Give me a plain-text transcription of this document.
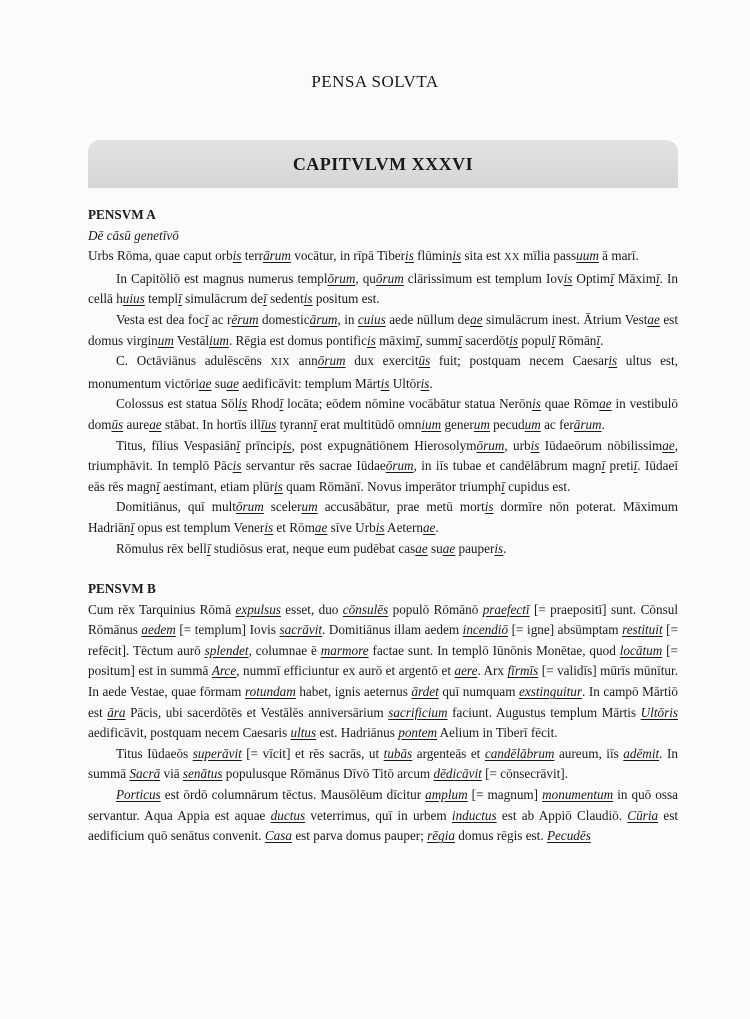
PENSA SOLVTA
CAPITVLVM XXXVI

PENSVM A

Dē cāsū genetīvō

Urbs Rōma, quae caput orbis terrārum vocātur, in rīpā Tiberis flūminis sita est XX mīlia passuum ā marī.

In Capitōliō est magnus numerus templōrum, quōrum clārissimum est templum Iovis Optimī Māximī. In cellā huius templī simulācrum deī sedentis positum est.

Vesta est dea focī ac rērum domesticārum, in cuius aede nūllum deae simulācrum inest. Ātrium Vestae est domus virginum Vestālium. Rēgia est domus pontificis māximī, summī sacerdōtis populī Rōmānī.

C. Octāviānus adulēscēns XIX annōrum dux exercitūs fuit; postquam necem Caesaris ultus est, monumentum victōriae suae aedificāvit: templum Mārtis Ultōris.

Colossus est statua Sōlis Rhodī locāta; eōdem nōmine vocābātur statua Nerōnis quae Rōmae in vestibulō domūs aureae stābat. In hortīs illīus tyrannī erat multitūdō omnium generum pecudum ac ferārum.

Titus, fīlius Vespasiānī prīncipis, post expugnātiōnem Hierosolymōrum, urbis Iūdaeōrum nōbilissimae, triumphāvit. In templō Pācis servantur rēs sacrae Iūdaeōrum, in iīs tubae et candēlābrum magnī pretiī. Iūdaeī eās rēs magnī aestimant, etiam plūris quam Rōmānī. Novus imperātor triumphī cupidus est.

Domitiānus, quī multōrum scelerum accusābātur, prae metū mortis dormīre nōn poterat. Māximum Hadriānī opus est templum Veneris et Rōmae sīve Urbis Aeternae.

Rōmulus rēx bellī studiōsus erat, neque eum pudēbat casae suae pauperis.

PENSVM B

Cum rēx Tarquinius Rōmā expulsus esset, duo cōnsulēs populō Rōmānō praefectī [= praepositī] sunt. Cōnsul Rōmānus aedem [= templum] Iovis sacrāvit. Domitiānus illam aedem incendiō [= igne] absūmptam restituit [= refēcit]. Tēctum aurō splendet, columnae ē marmore factae sunt. In templō Iūnōnis Monētae, quod locātum [= positum] est in summā Arce, nummī efficiuntur ex aurō et argentō et aere. Arx fīrmīs [= validīs] mūrīs mūnītur. In aede Vestae, quae fōrmam rotundam habet, ignis aeternus ārdet quī numquam exstinguitur. In campō Mārtiō est āra Pācis, ubi sacerdōtēs et Vestālēs anniversārium sacrificium faciunt. Augustus templum Mārtis Ultōris aedificāvit, postquam necem Caesaris ultus est. Hadriānus pontem Aelium in Tiberī fēcit.

Titus Iūdaeōs superāvit [= vīcit] et rēs sacrās, ut tubās argenteās et candēlābrum aureum, iīs adēmit. In summā Sacrā viā senātus populusque Rōmānus Dīvō Titō arcum dēdicāvit [= cōnsecrāvit].

Porticus est ōrdō columnārum tēctus. Mausōlēum dīcitur amplum [= magnum] monumentum in quō ossa servantur. Aqua Appia est aquae ductus veterrimus, quī in urbem inductus est ab Appiō Claudiō. Cūria est aedificium quō senātus convenit. Casa est parva domus pauper; rēgia domus rēgis est. Pecudēs
